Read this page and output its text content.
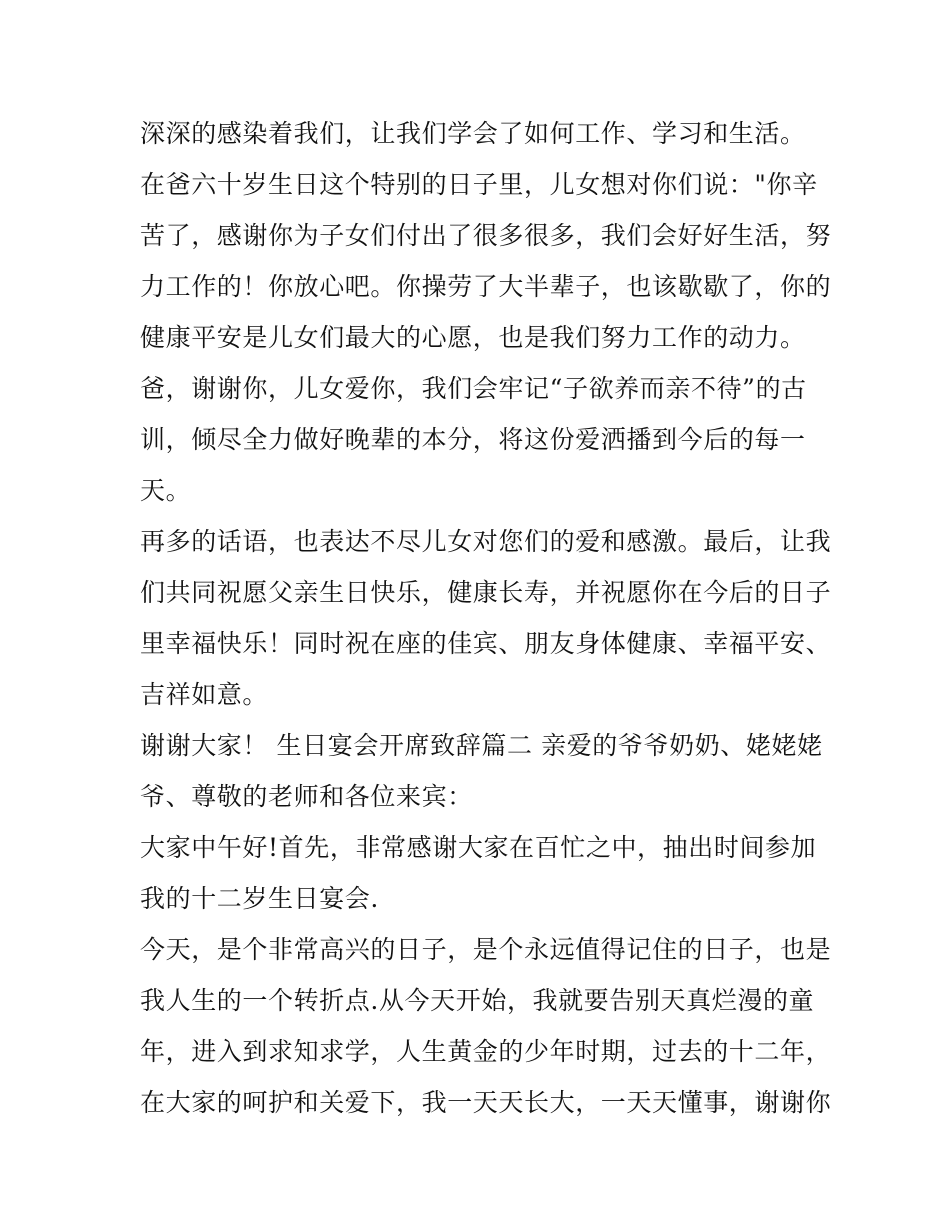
深深的感染着我们，让我们学会了如何工作、学习和生活。
在爸六十岁生日这个特别的日子里，儿女想对你们说："你辛
苦了，感谢你为子女们付出了很多很多，我们会好好生活，努
力工作的！你放心吧。你操劳了大半辈子，也该歇歇了，你的
健康平安是儿女们最大的心愿，也是我们努力工作的动力。
爸，谢谢你，儿女爱你，我们会牢记“子欲养而亲不待”的古
训，倾尽全力做好晚辈的本分，将这份爱洒播到今后的每一
天。
再多的话语，也表达不尽儿女对您们的爱和感激。最后，让我
们共同祝愿父亲生日快乐，健康长寿，并祝愿你在今后的日子
里幸福快乐！同时祝在座的佳宾、朋友身体健康、幸福平安、
吉祥如意。
谢谢大家！ 生日宴会开席致辞篇二 亲爱的爷爷奶奶、姥姥姥
爷、尊敬的老师和各位来宾：
大家中午好!首先，非常感谢大家在百忙之中，抽出时间参加
我的十二岁生日宴会.
今天，是个非常高兴的日子，是个永远值得记住的日子，也是
我人生的一个转折点.从今天开始，我就要告别天真烂漫的童
年，进入到求知求学，人生黄金的少年时期，过去的十二年，
在大家的呵护和关爱下，我一天天长大，一天天懂事，谢谢你
